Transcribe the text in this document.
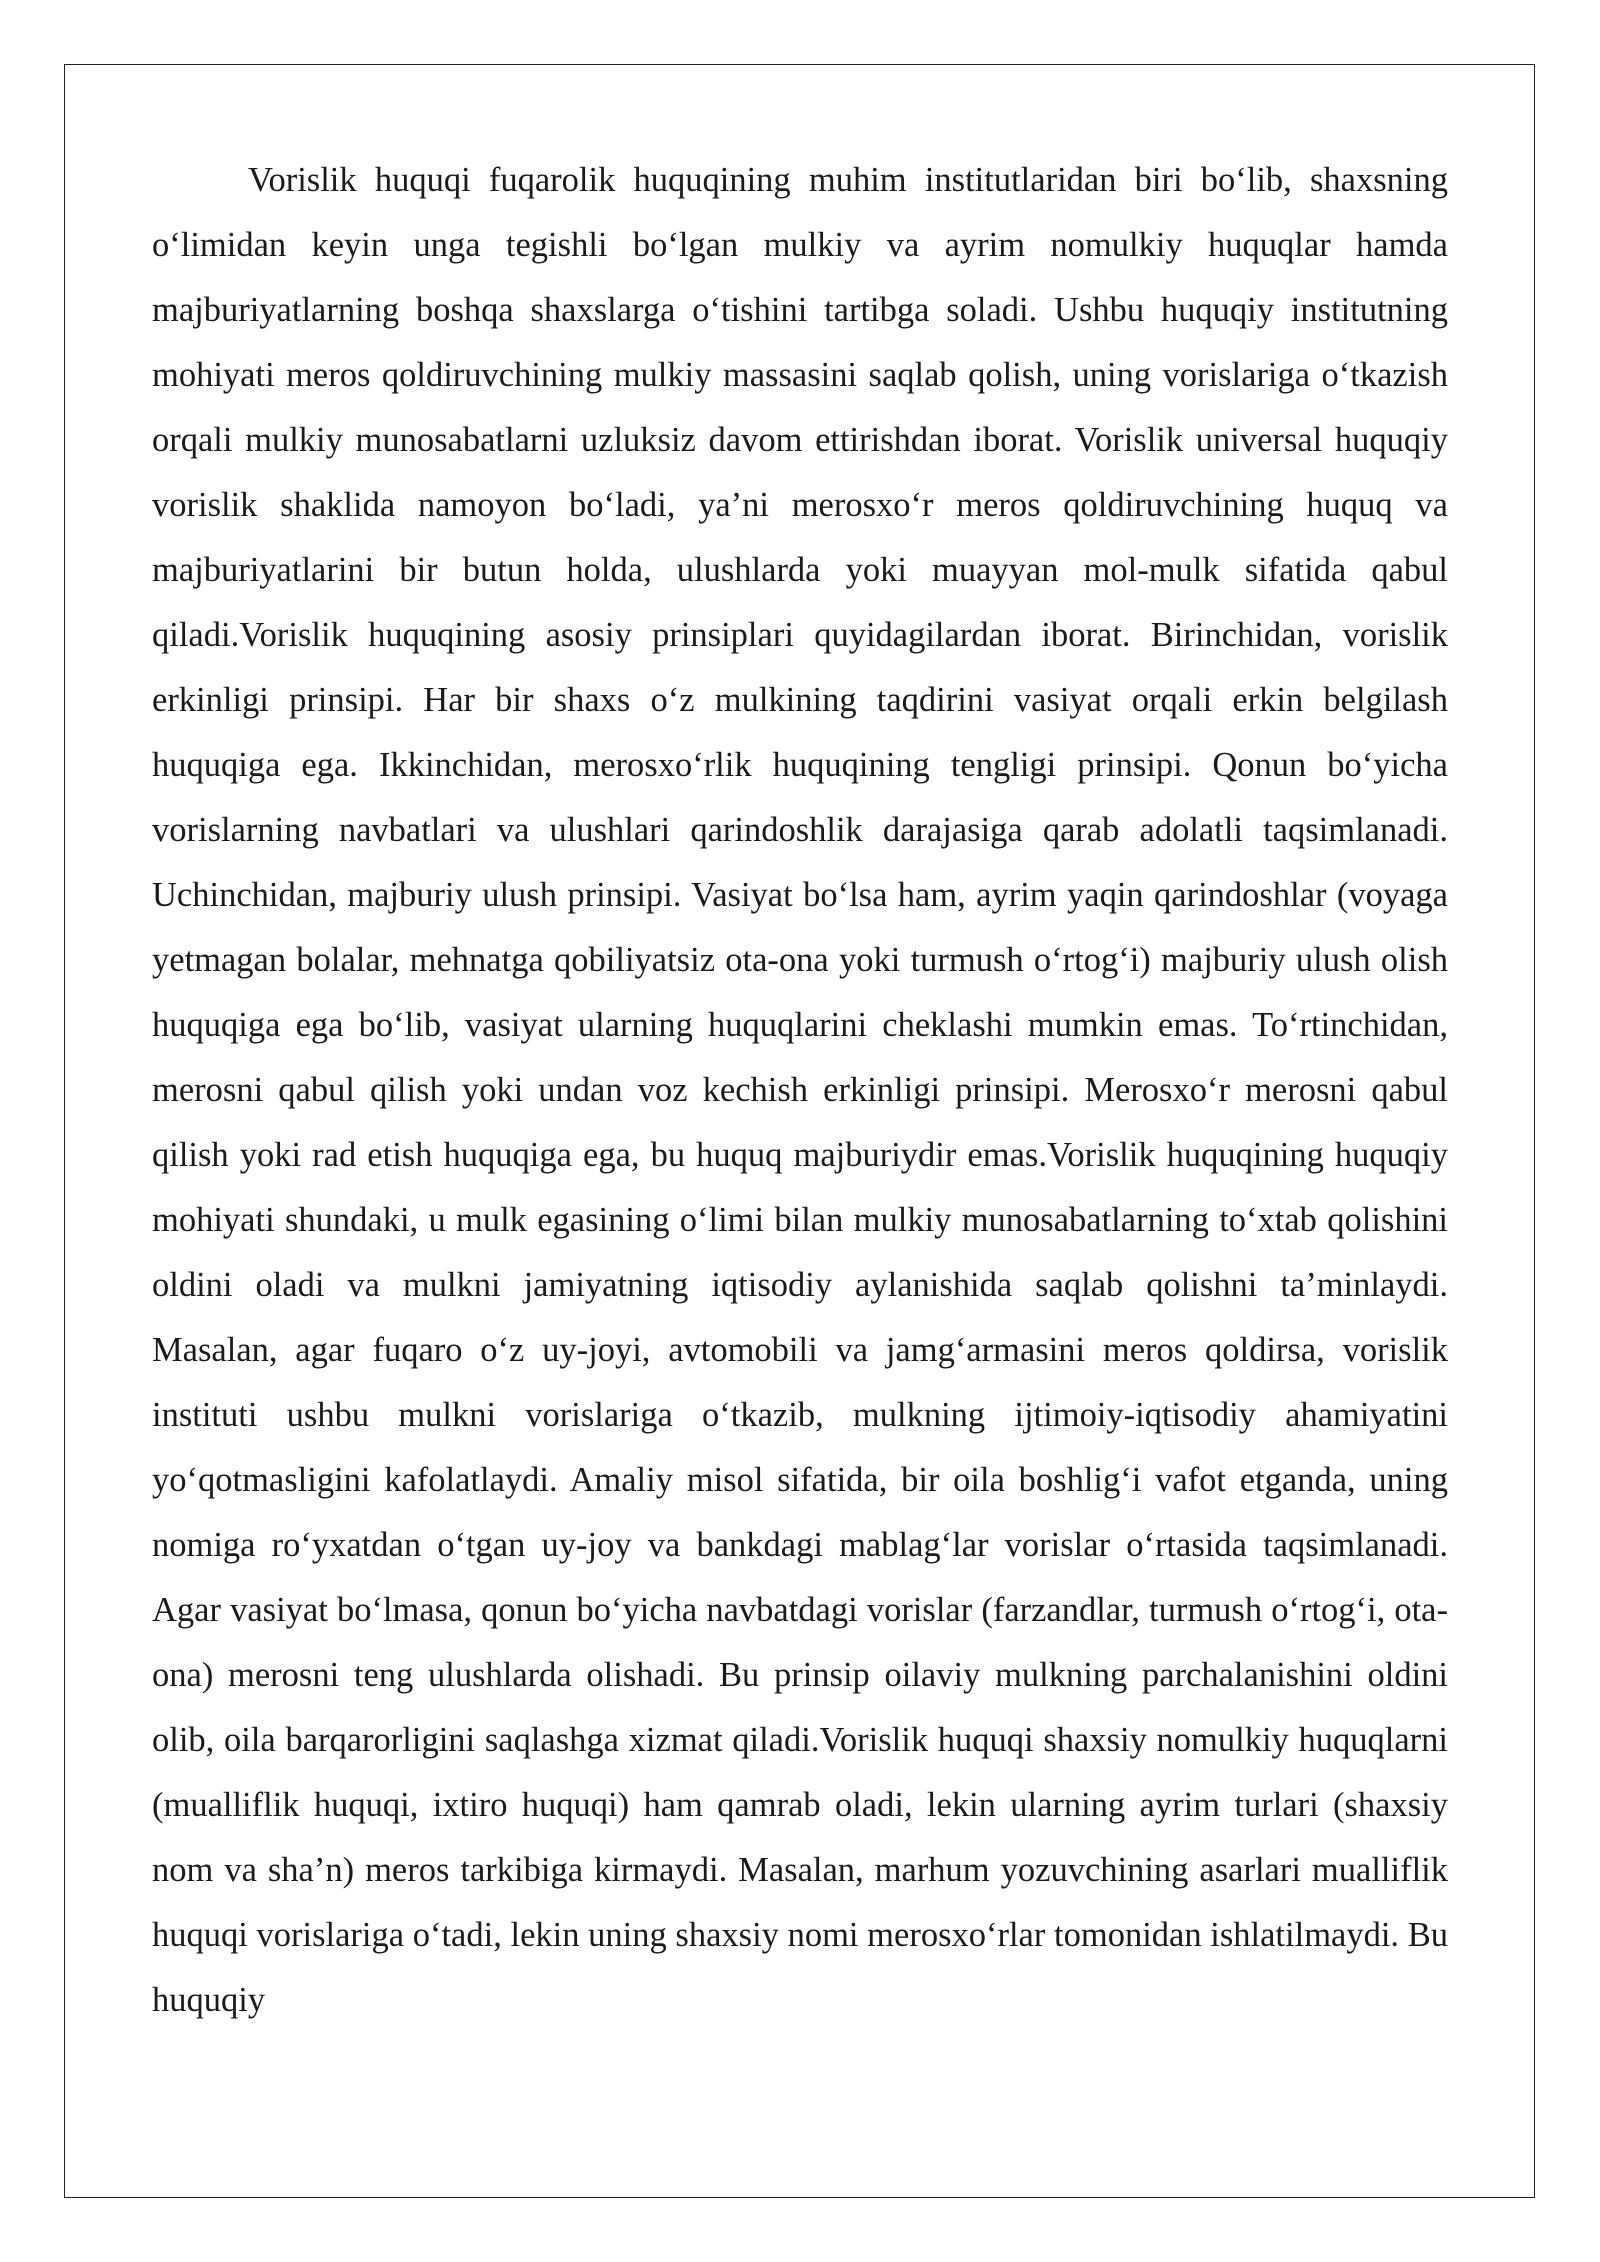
Vorislik huquqi fuqarolik huquqining muhim institutlaridan biri bo‘lib, shaxsning o‘limidan keyin unga tegishli bo‘lgan mulkiy va ayrim nomulkiy huquqlar hamda majburiyatlarning boshqa shaxslarga o‘tishini tartibga soladi. Ushbu huquqiy institutning mohiyati meros qoldiruvchining mulkiy massasini saqlab qolish, uning vorislariga o‘tkazish orqali mulkiy munosabatlarni uzluksiz davom ettirishdan iborat. Vorislik universal huquqiy vorislik shaklida namoyon bo‘ladi, ya’ni merosxo‘r meros qoldiruvchining huquq va majburiyatlarini bir butun holda, ulushlarda yoki muayyan mol-mulk sifatida qabul qiladi.Vorislik huquqining asosiy prinsiplari quyidagilardan iborat. Birinchidan, vorislik erkinligi prinsipi. Har bir shaxs o‘z mulkining taqdirini vasiyat orqali erkin belgilash huquqiga ega. Ikkinchidan, merosxo‘rlik huquqining tengligi prinsipi. Qonun bo‘yicha vorislarning navbatlari va ulushlari qarindoshlik darajasiga qarab adolatli taqsimlanadi. Uchinchidan, majburiy ulush prinsipi. Vasiyat bo‘lsa ham, ayrim yaqin qarindoshlar (voyaga yetmagan bolalar, mehnatga qobiliyatsiz ota-ona yoki turmush o‘rtog‘i) majburiy ulush olish huquqiga ega bo‘lib, vasiyat ularning huquqlarini cheklashi mumkin emas. To‘rtinchidan, merosni qabul qilish yoki undan voz kechish erkinligi prinsipi. Merosxo‘r merosni qabul qilish yoki rad etish huquqiga ega, bu huquq majburiydir emas.Vorislik huquqining huquqiy mohiyati shundaki, u mulk egasining o‘limi bilan mulkiy munosabatlarning to‘xtab qolishini oldini oladi va mulkni jamiyatning iqtisodiy aylanishida saqlab qolishni ta’minlaydi. Masalan, agar fuqaro o‘z uy-joyi, avtomobili va jamg‘armasini meros qoldirsa, vorislik instituti ushbu mulkni vorislariga o‘tkazib, mulkning ijtimoiy-iqtisodiy ahamiyatini yo‘qotmasligini kafolatlaydi. Amaliy misol sifatida, bir oila boshlig‘i vafot etganda, uning nomiga ro‘yxatdan o‘tgan uy-joy va bankdagi mablag‘lar vorislar o‘rtasida taqsimlanadi. Agar vasiyat bo‘lmasa, qonun bo‘yicha navbatdagi vorislar (farzandlar, turmush o‘rtog‘i, ota-ona) merosni teng ulushlarda olishadi. Bu prinsip oilaviy mulkning parchalanishini oldini olib, oila barqarorligini saqlashga xizmat qiladi.Vorislik huquqi shaxsiy nomulkiy huquqlarni (mualliflik huquqi, ixtiro huquqi) ham qamrab oladi, lekin ularning ayrim turlari (shaxsiy nom va sha’n) meros tarkibiga kirmaydi. Masalan, marhum yozuvchining asarlari mualliflik huquqi vorislariga o‘tadi, lekin uning shaxsiy nomi merosxo‘rlar tomonidan ishlatilmaydi. Bu huquqiy
